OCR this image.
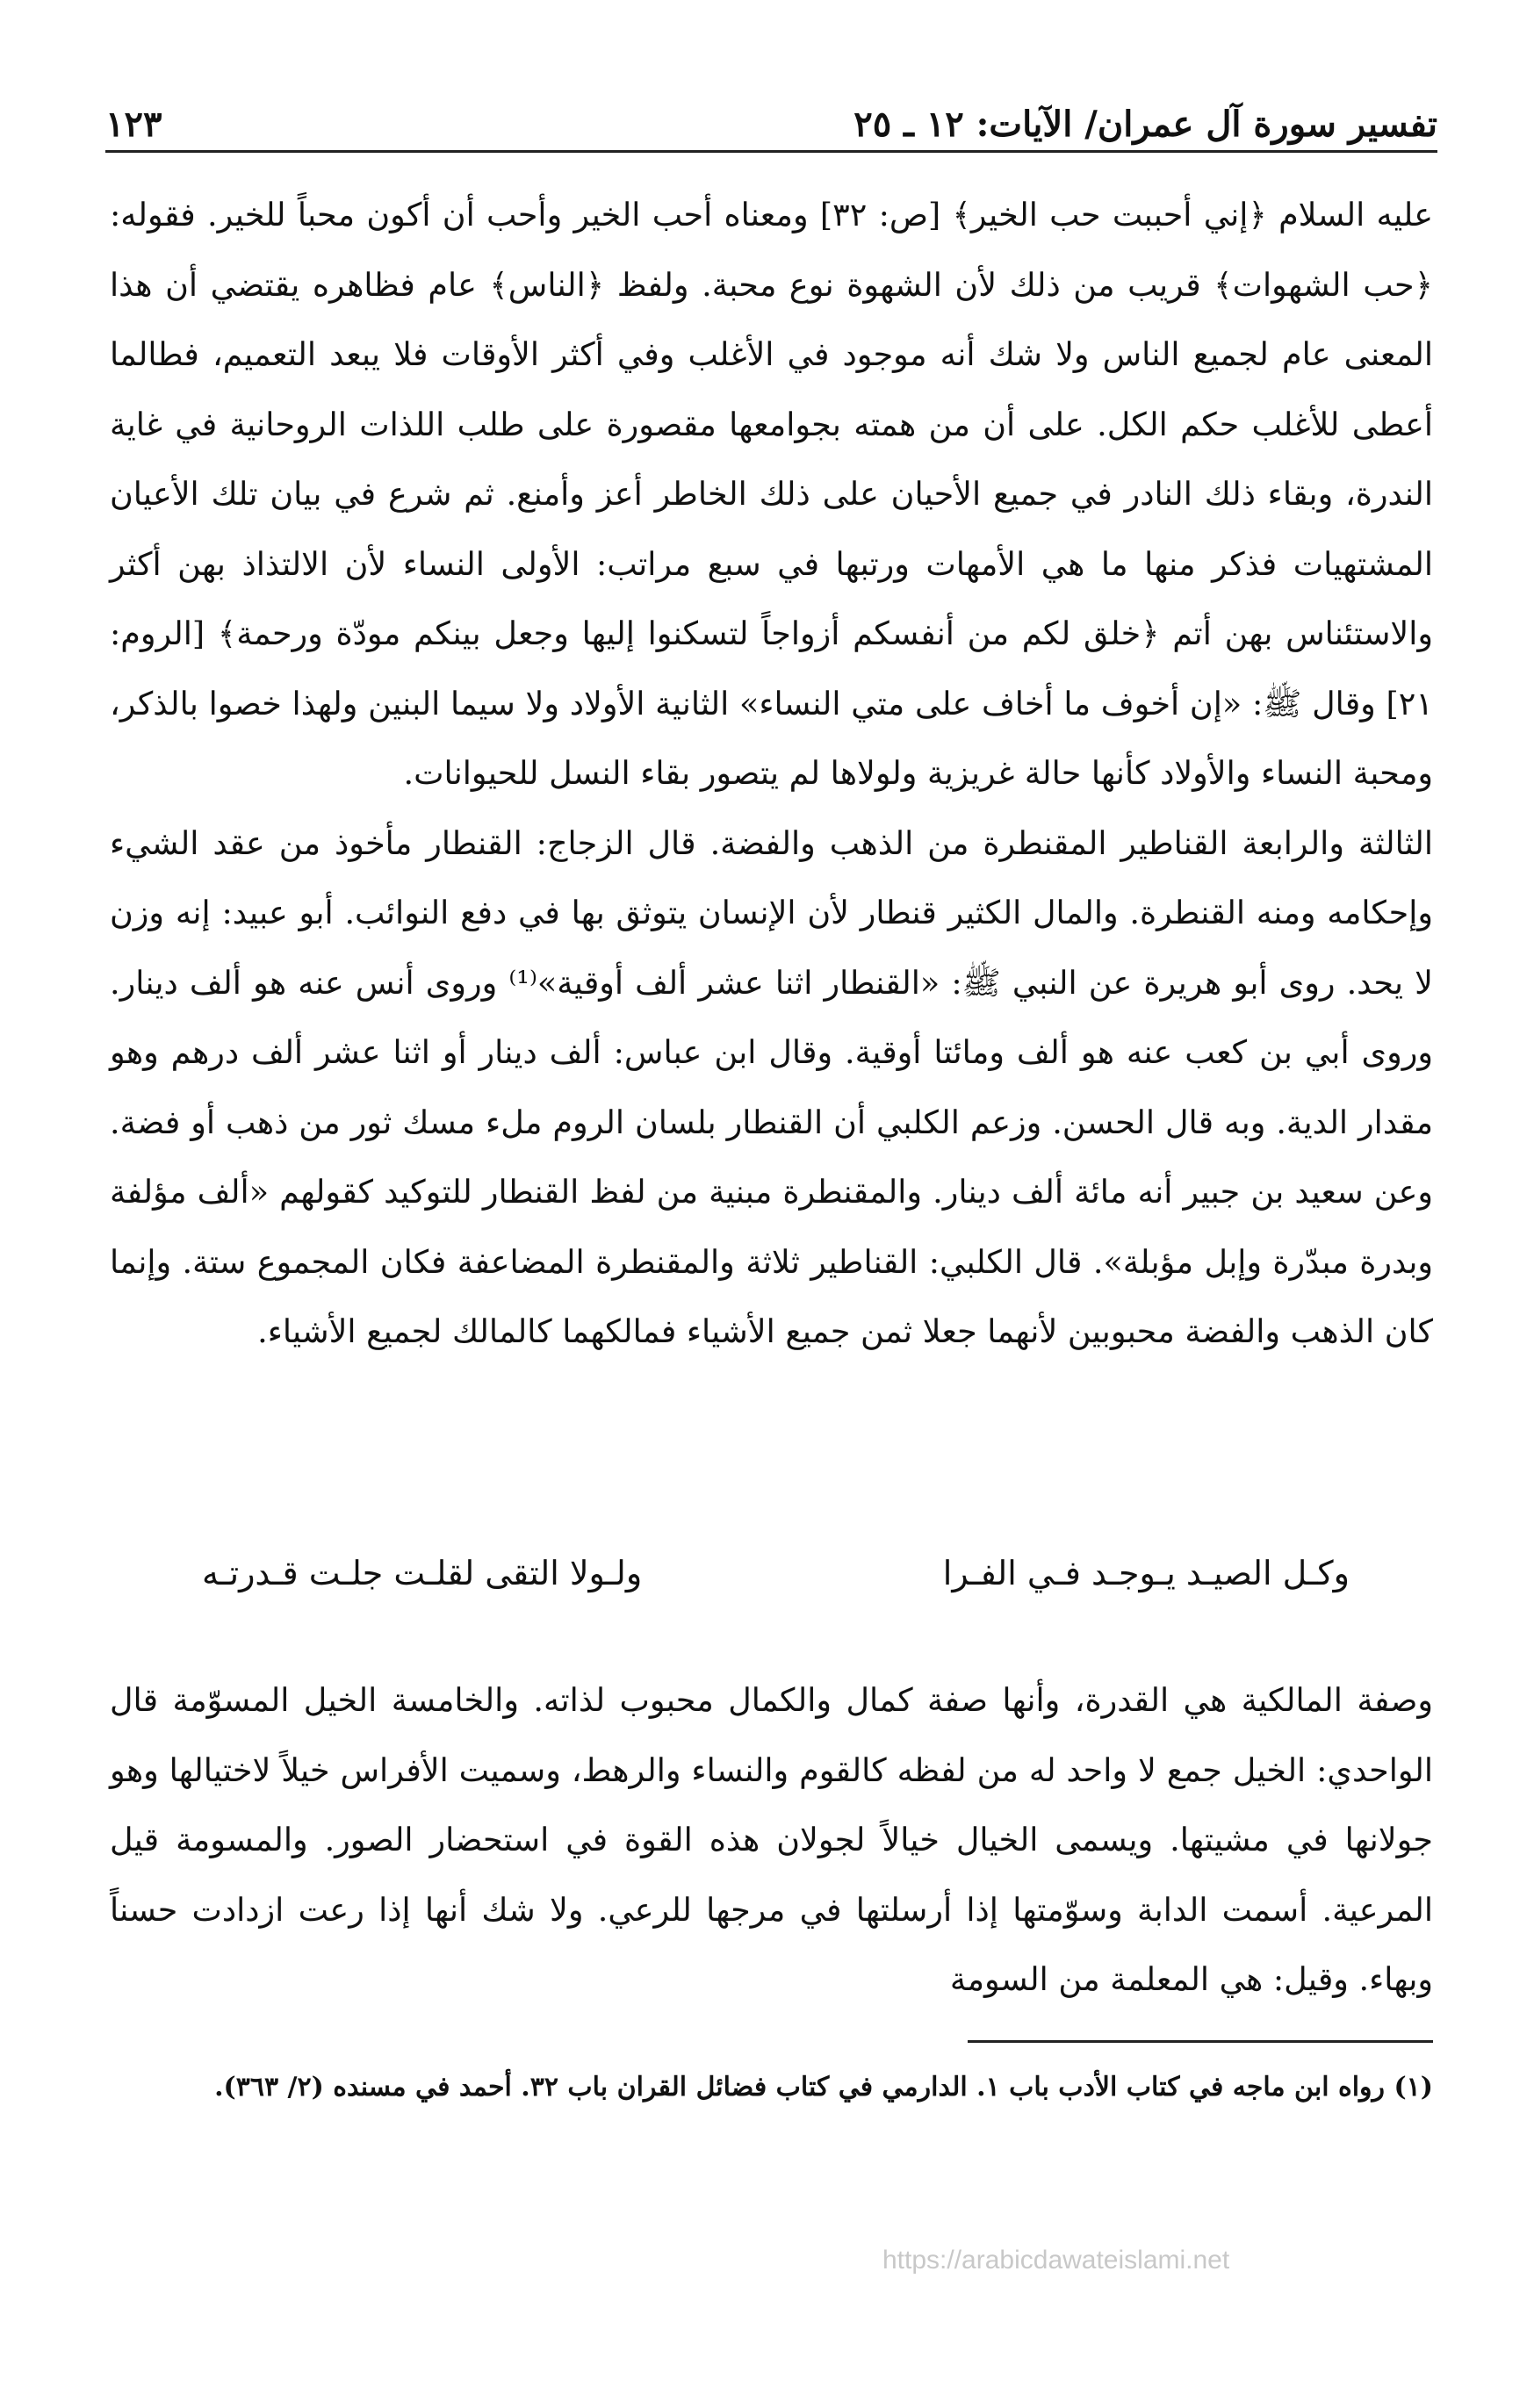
تفسير سورة آل عمران/ الآيات: ١٢ ـ ٢٥
١٢٣

عليه السلام ﴿إني أحببت حب الخير﴾ [ص: ٣٢] ومعناه أحب الخير وأحب أن أكون محباً للخير. فقوله: ﴿حب الشهوات﴾ قريب من ذلك لأن الشهوة نوع محبة. ولفظ ﴿الناس﴾ عام فظاهره يقتضي أن هذا المعنى عام لجميع الناس ولا شك أنه موجود في الأغلب وفي أكثر الأوقات فلا يبعد التعميم، فطالما أعطى للأغلب حكم الكل. على أن من همته بجوامعها مقصورة على طلب اللذات الروحانية في غاية الندرة، وبقاء ذلك النادر في جميع الأحيان على ذلك الخاطر أعز وأمنع. ثم شرع في بيان تلك الأعيان المشتهيات فذكر منها ما هي الأمهات ورتبها في سبع مراتب: الأولى النساء لأن الالتذاذ بهن أكثر والاستئناس بهن أتم ﴿خلق لكم من أنفسكم أزواجاً لتسكنوا إليها وجعل بينكم مودّة ورحمة﴾ [الروم: ٢١] وقال ﷺ: «إن أخوف ما أخاف على متي النساء» الثانية الأولاد ولا سيما البنين ولهذا خصوا بالذكر، ومحبة النساء والأولاد كأنها حالة غريزية ولولاها لم يتصور بقاء النسل للحيوانات.

الثالثة والرابعة القناطير المقنطرة من الذهب والفضة. قال الزجاج: القنطار مأخوذ من عقد الشيء وإحكامه ومنه القنطرة. والمال الكثير قنطار لأن الإنسان يتوثق بها في دفع النوائب. أبو عبيد: إنه وزن لا يحد. روى أبو هريرة عن النبي ﷺ: «القنطار اثنا عشر ألف أوقية»⁽¹⁾ وروى أنس عنه هو ألف دينار. وروى أبي بن كعب عنه هو ألف ومائتا أوقية. وقال ابن عباس: ألف دينار أو اثنا عشر ألف درهم وهو مقدار الدية. وبه قال الحسن. وزعم الكلبي أن القنطار بلسان الروم ملء مسك ثور من ذهب أو فضة. وعن سعيد بن جبير أنه مائة ألف دينار. والمقنطرة مبنية من لفظ القنطار للتوكيد كقولهم «ألف مؤلفة وبدرة مبدّرة وإبل مؤبلة». قال الكلبي: القناطير ثلاثة والمقنطرة المضاعفة فكان المجموع ستة. وإنما كان الذهب والفضة محبوبين لأنهما جعلا ثمن جميع الأشياء فمالكهما كالمالك لجميع الأشياء.

وكـل الصيـد يـوجـد فـي الفـرا
ولـولا التقى لقلـت جلـت قـدرتـه

وصفة المالكية هي القدرة، وأنها صفة كمال والكمال محبوب لذاته. والخامسة الخيل المسوّمة قال الواحدي: الخيل جمع لا واحد له من لفظه كالقوم والنساء والرهط، وسميت الأفراس خيلاً لاختيالها وهو جولانها في مشيتها. ويسمى الخيال خيالاً لجولان هذه القوة في استحضار الصور. والمسومة قيل المرعية. أسمت الدابة وسوّمتها إذا أرسلتها في مرجها للرعي. ولا شك أنها إذا رعت ازدادت حسناً وبهاء. وقيل: هي المعلمة من السومة

(١) رواه ابن ماجه في كتاب الأدب باب ١. الدارمي في كتاب فضائل القران باب ٣٢. أحمد في مسنده (٢/ ٣٦٣).
https://arabicdawateislami.net
